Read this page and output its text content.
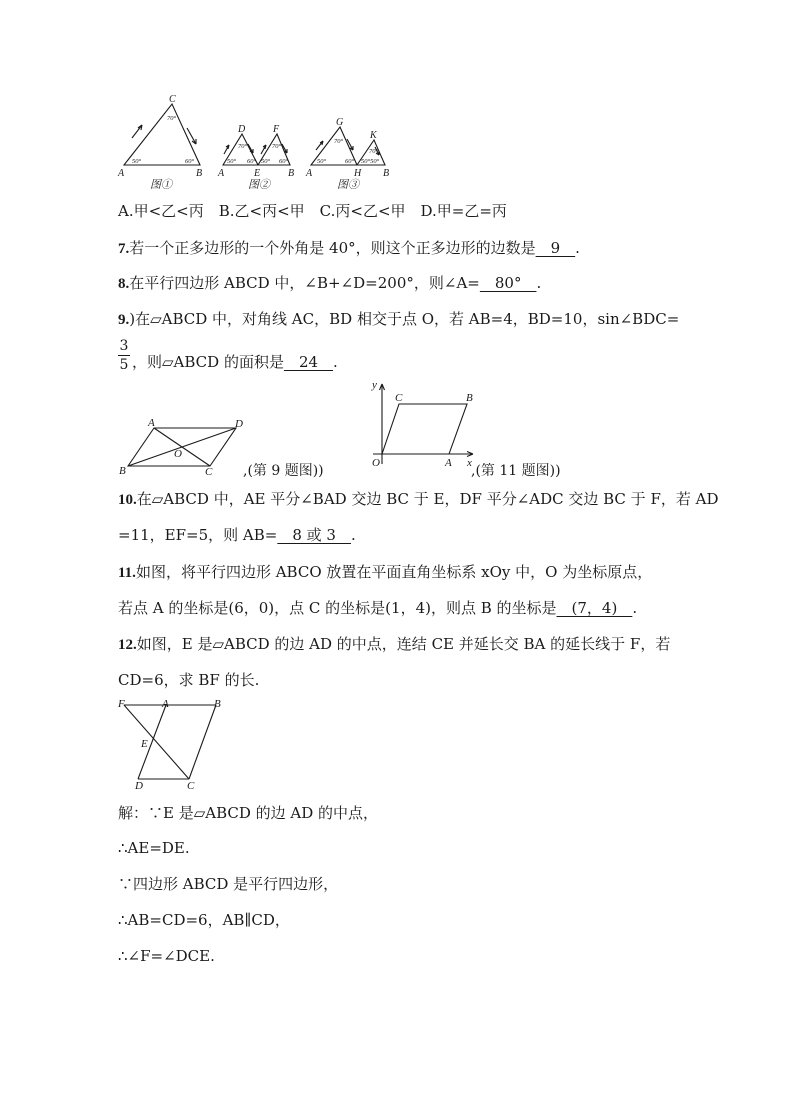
C
A	B
D	F
A	E	B
G
K
A	H B
70°
50°	60°
70°
50° 60°
70°
50° 60°
70°
50°	60°
70°
50°50°
图①	图②	图③
A.甲<乙<丙　B.乙<丙<甲　C.丙<乙<甲　D.甲=乙=丙
7.若一个正多边形的一个外角是 40°，则这个正多边形的边数是　9　.
8.在平行四边形 ABCD 中，∠B+∠D=200°，则∠A=　80°　.
9.)在▱ABCD 中，对角线 AC，BD 相交于点 O，若 AB=4，BD=10，sin∠BDC=
3
5 ，则▱ABCD 的面积是　24　.
A	D
O
B	C ,(第 9 题图))
y
x
C	B
O	A ,(第 11 题图))
10.在▱ABCD 中，AE 平分∠BAD 交边 BC 于 E，DF 平分∠ADC 交边 BC 于 F，若 AD
=11，EF=5，则 AB=　8 或 3　.
11.如图，将平行四边形 ABCO 放置在平面直角坐标系 xOy 中，O 为坐标原点，
若点 A 的坐标是(6，0)，点 C 的坐标是(1，4)，则点 B 的坐标是　(7，4)　.
12.如图，E 是▱ABCD 的边 AD 的中点，连结 CE 并延长交 BA 的延长线于 F，若
CD=6，求 BF 的长.
F	A	B
E
D	C
解：∵E 是▱ABCD 的边 AD 的中点，
∴AE=DE.
∵四边形 ABCD 是平行四边形，
∴AB=CD=6，AB∥CD，
∴∠F=∠DCE.
